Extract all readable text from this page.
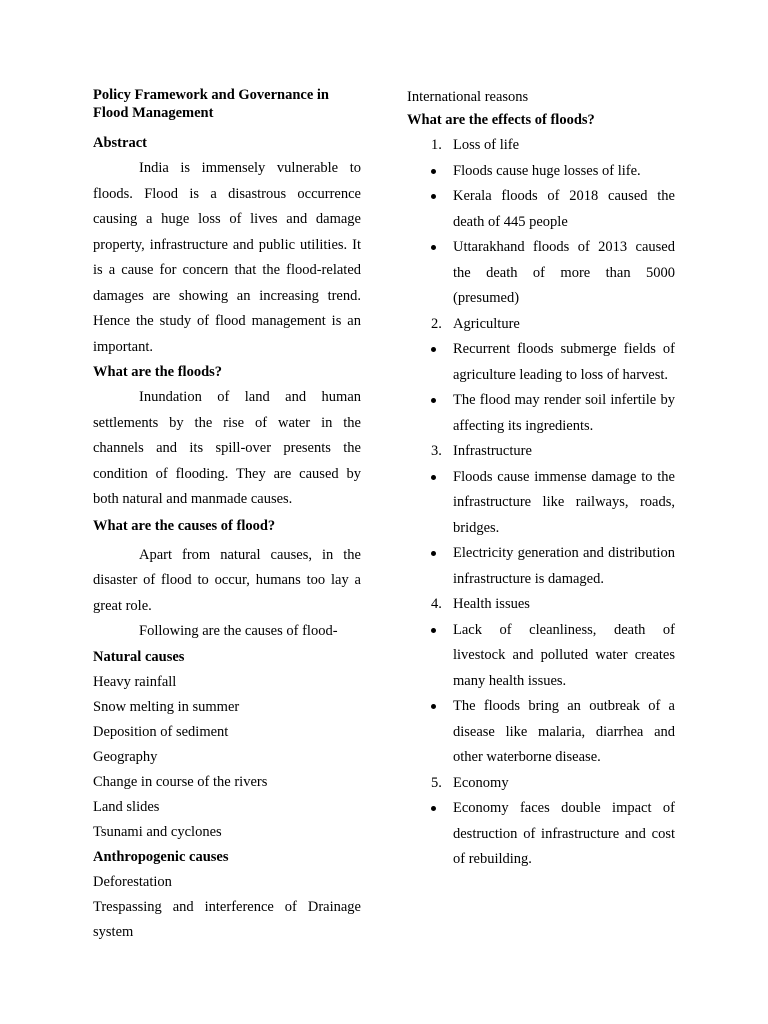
Policy Framework and Governance in Flood Management

Abstract

India is immensely vulnerable to floods. Flood is a disastrous occurrence causing a huge loss of lives and damage property, infrastructure and public utilities. It is a cause for concern that the flood-related damages are showing an increasing trend. Hence the study of flood management is an important.

What are the floods?

Inundation of land and human settlements by the rise of water in the channels and its spill-over presents the condition of flooding. They are caused by both natural and manmade causes.

What are the causes of flood?

Apart from natural causes, in the disaster of flood to occur, humans too lay a great role.

Following are the causes of flood-

Natural causes

Heavy rainfall

Snow melting in summer

Deposition of sediment

Geography

Change in course of the rivers

Land slides

Tsunami and cyclones

Anthropogenic causes

Deforestation

Trespassing and interference of Drainage system

International reasons

What are the effects of floods?

1. Loss of life

Floods cause huge losses of life.

Kerala floods of 2018 caused the death of 445 people

Uttarakhand floods of 2013 caused the death of more than 5000 (presumed)

2. Agriculture

Recurrent floods submerge fields of agriculture leading to loss of harvest.

The flood may render soil infertile by affecting its ingredients.

3. Infrastructure

Floods cause immense damage to the infrastructure like railways, roads, bridges.

Electricity generation and distribution infrastructure is damaged.

4. Health issues

Lack of cleanliness, death of livestock and polluted water creates many health issues.

The floods bring an outbreak of a disease like malaria, diarrhea and other waterborne disease.

5. Economy

Economy faces double impact of destruction of infrastructure and cost of rebuilding.
